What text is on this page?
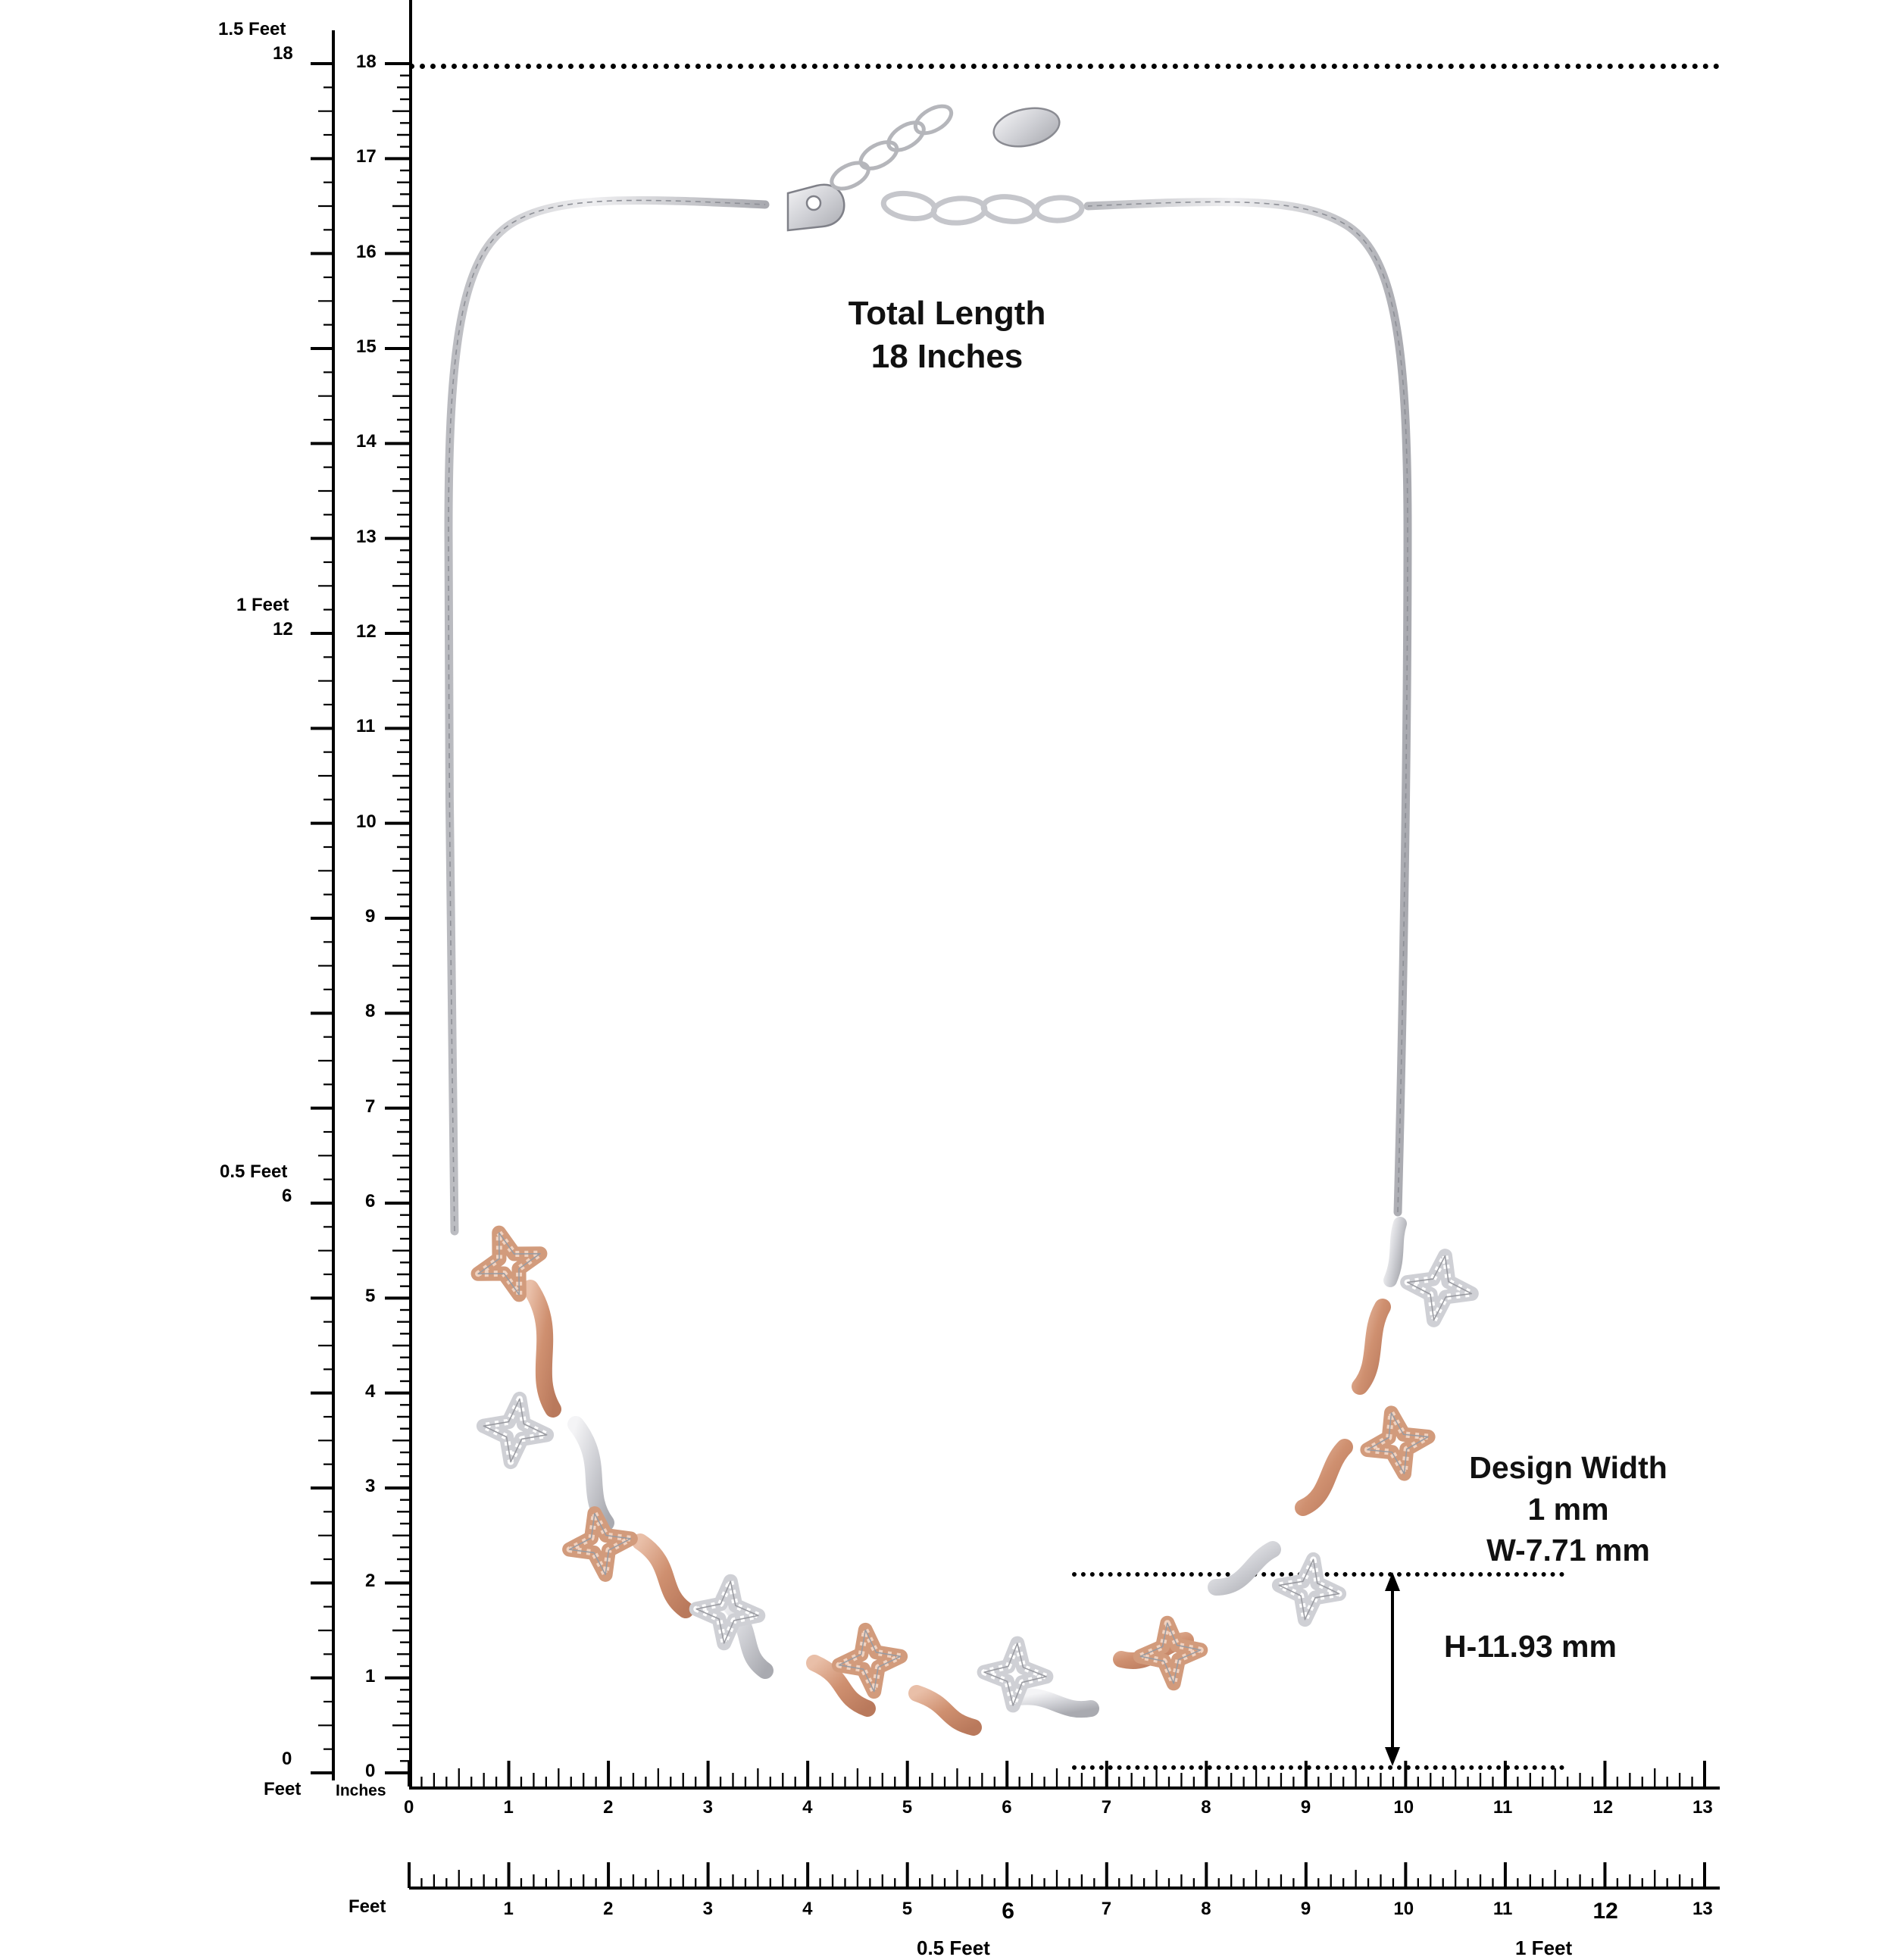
Total Length
18 Inches
Design Width
1 mm
W-7.71 mm
H-11.93 mm
1.5 Feet
18
1 Feet
12
0.5 Feet
6
0
Feet Inches
Feet
0	1	2	3	4	5	6	7	8	9	10	11	12	13
1	2	3	4	5	6	7	8	9	10	11	12	13
0.5 Feet	1 Feet
18
17
16
15
14
13
12
11
10
9
8
7
6
5
4
3
2
1
0
